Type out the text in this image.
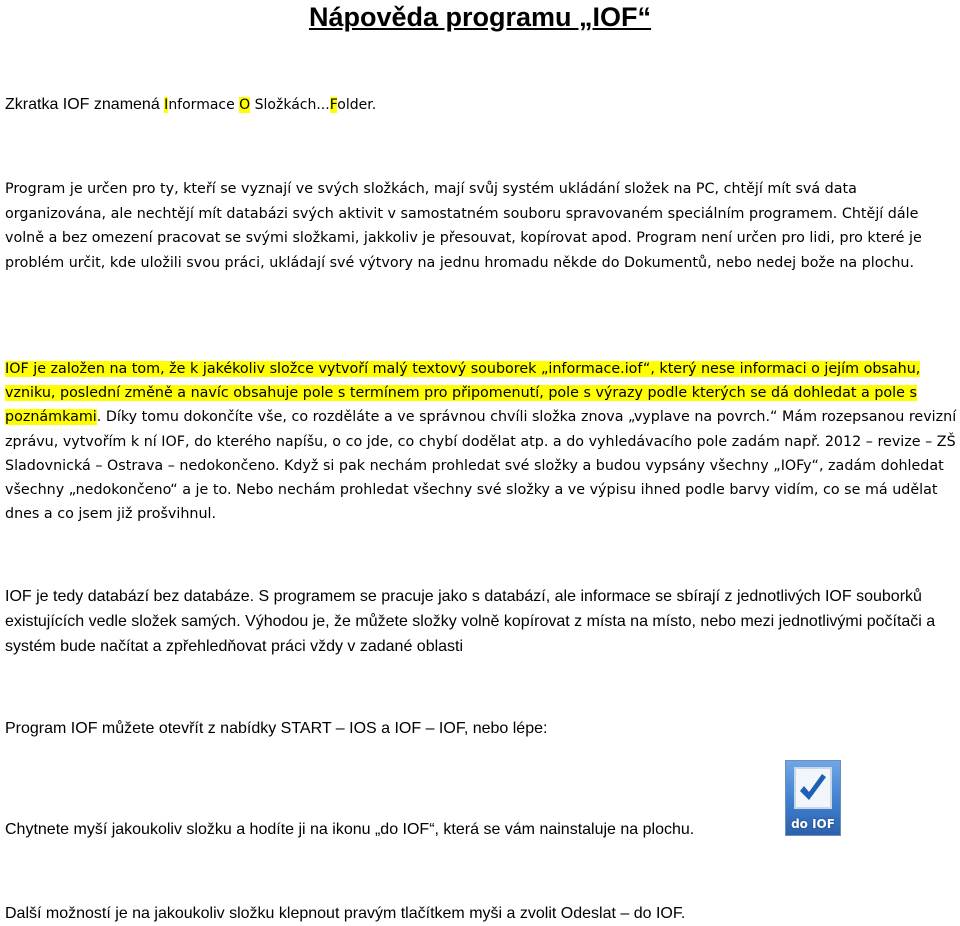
Nápověda programu „IOF“
Zkratka IOF znamená Informace O Složkách...Folder.
Program je určen pro ty, kteří se vyznají ve svých složkách, mají svůj systém ukládání složek na PC, chtějí mít svá data organizována, ale nechtějí mít databázi svých aktivit v samostatném souboru spravovaném speciálním programem. Chtějí dále volně a bez omezení pracovat se svými složkami, jakkoliv je přesouvat, kopírovat apod. Program není určen pro lidi, pro které je problém určit, kde uložili svou práci, ukládají své výtvory na jednu hromadu někde do Dokumentů, nebo nedej bože na plochu.
IOF je založen na tom, že k jakékoliv složce vytvoří malý textový souborek „informace.iof“, který nese informaci o jejím obsahu, vzniku, poslední změně a navíc obsahuje pole s termínem pro připomenutí, pole s výrazy podle kterých se dá dohledat a pole s poznámkami. Díky tomu dokončíte vše, co rozděláte a ve správnou chvíli složka znova „vyplave na povrch.“ Mám rozepsanou revizní zprávu, vytvořím k ní IOF, do kterého napíšu, o co jde, co chybí dodělat atp. a do vyhledávacího pole zadám např. 2012 – revize – ZŠ Sladovnická – Ostrava – nedokončeno. Když si pak nechám prohledat své složky a budou vypsány všechny „IOFy“, zadám dohledat všechny „nedokončeno“ a je to. Nebo nechám prohledat všechny své složky a ve výpisu ihned podle barvy vidím, co se má udělat dnes a co jsem již prošvihnul.
IOF je tedy databází bez databáze. S programem se pracuje jako s databází, ale informace se sbírají z jednotlivých IOF souborků existujících vedle složek samých. Výhodou je, že můžete složky volně kopírovat z místa na místo, nebo mezi jednotlivými počítači a systém bude načítat a zpřehledňovat práci vždy v zadané oblasti
Program IOF můžete otevřít z nabídky START – IOS a IOF – IOF, nebo lépe:
Chytnete myší jakoukoliv složku a hodíte ji na ikonu „do IOF“, která se vám nainstaluje na plochu.	do IOF
Další možností je na jakoukoliv složku klepnout pravým tlačítkem myši a zvolit Odeslat – do IOF.
